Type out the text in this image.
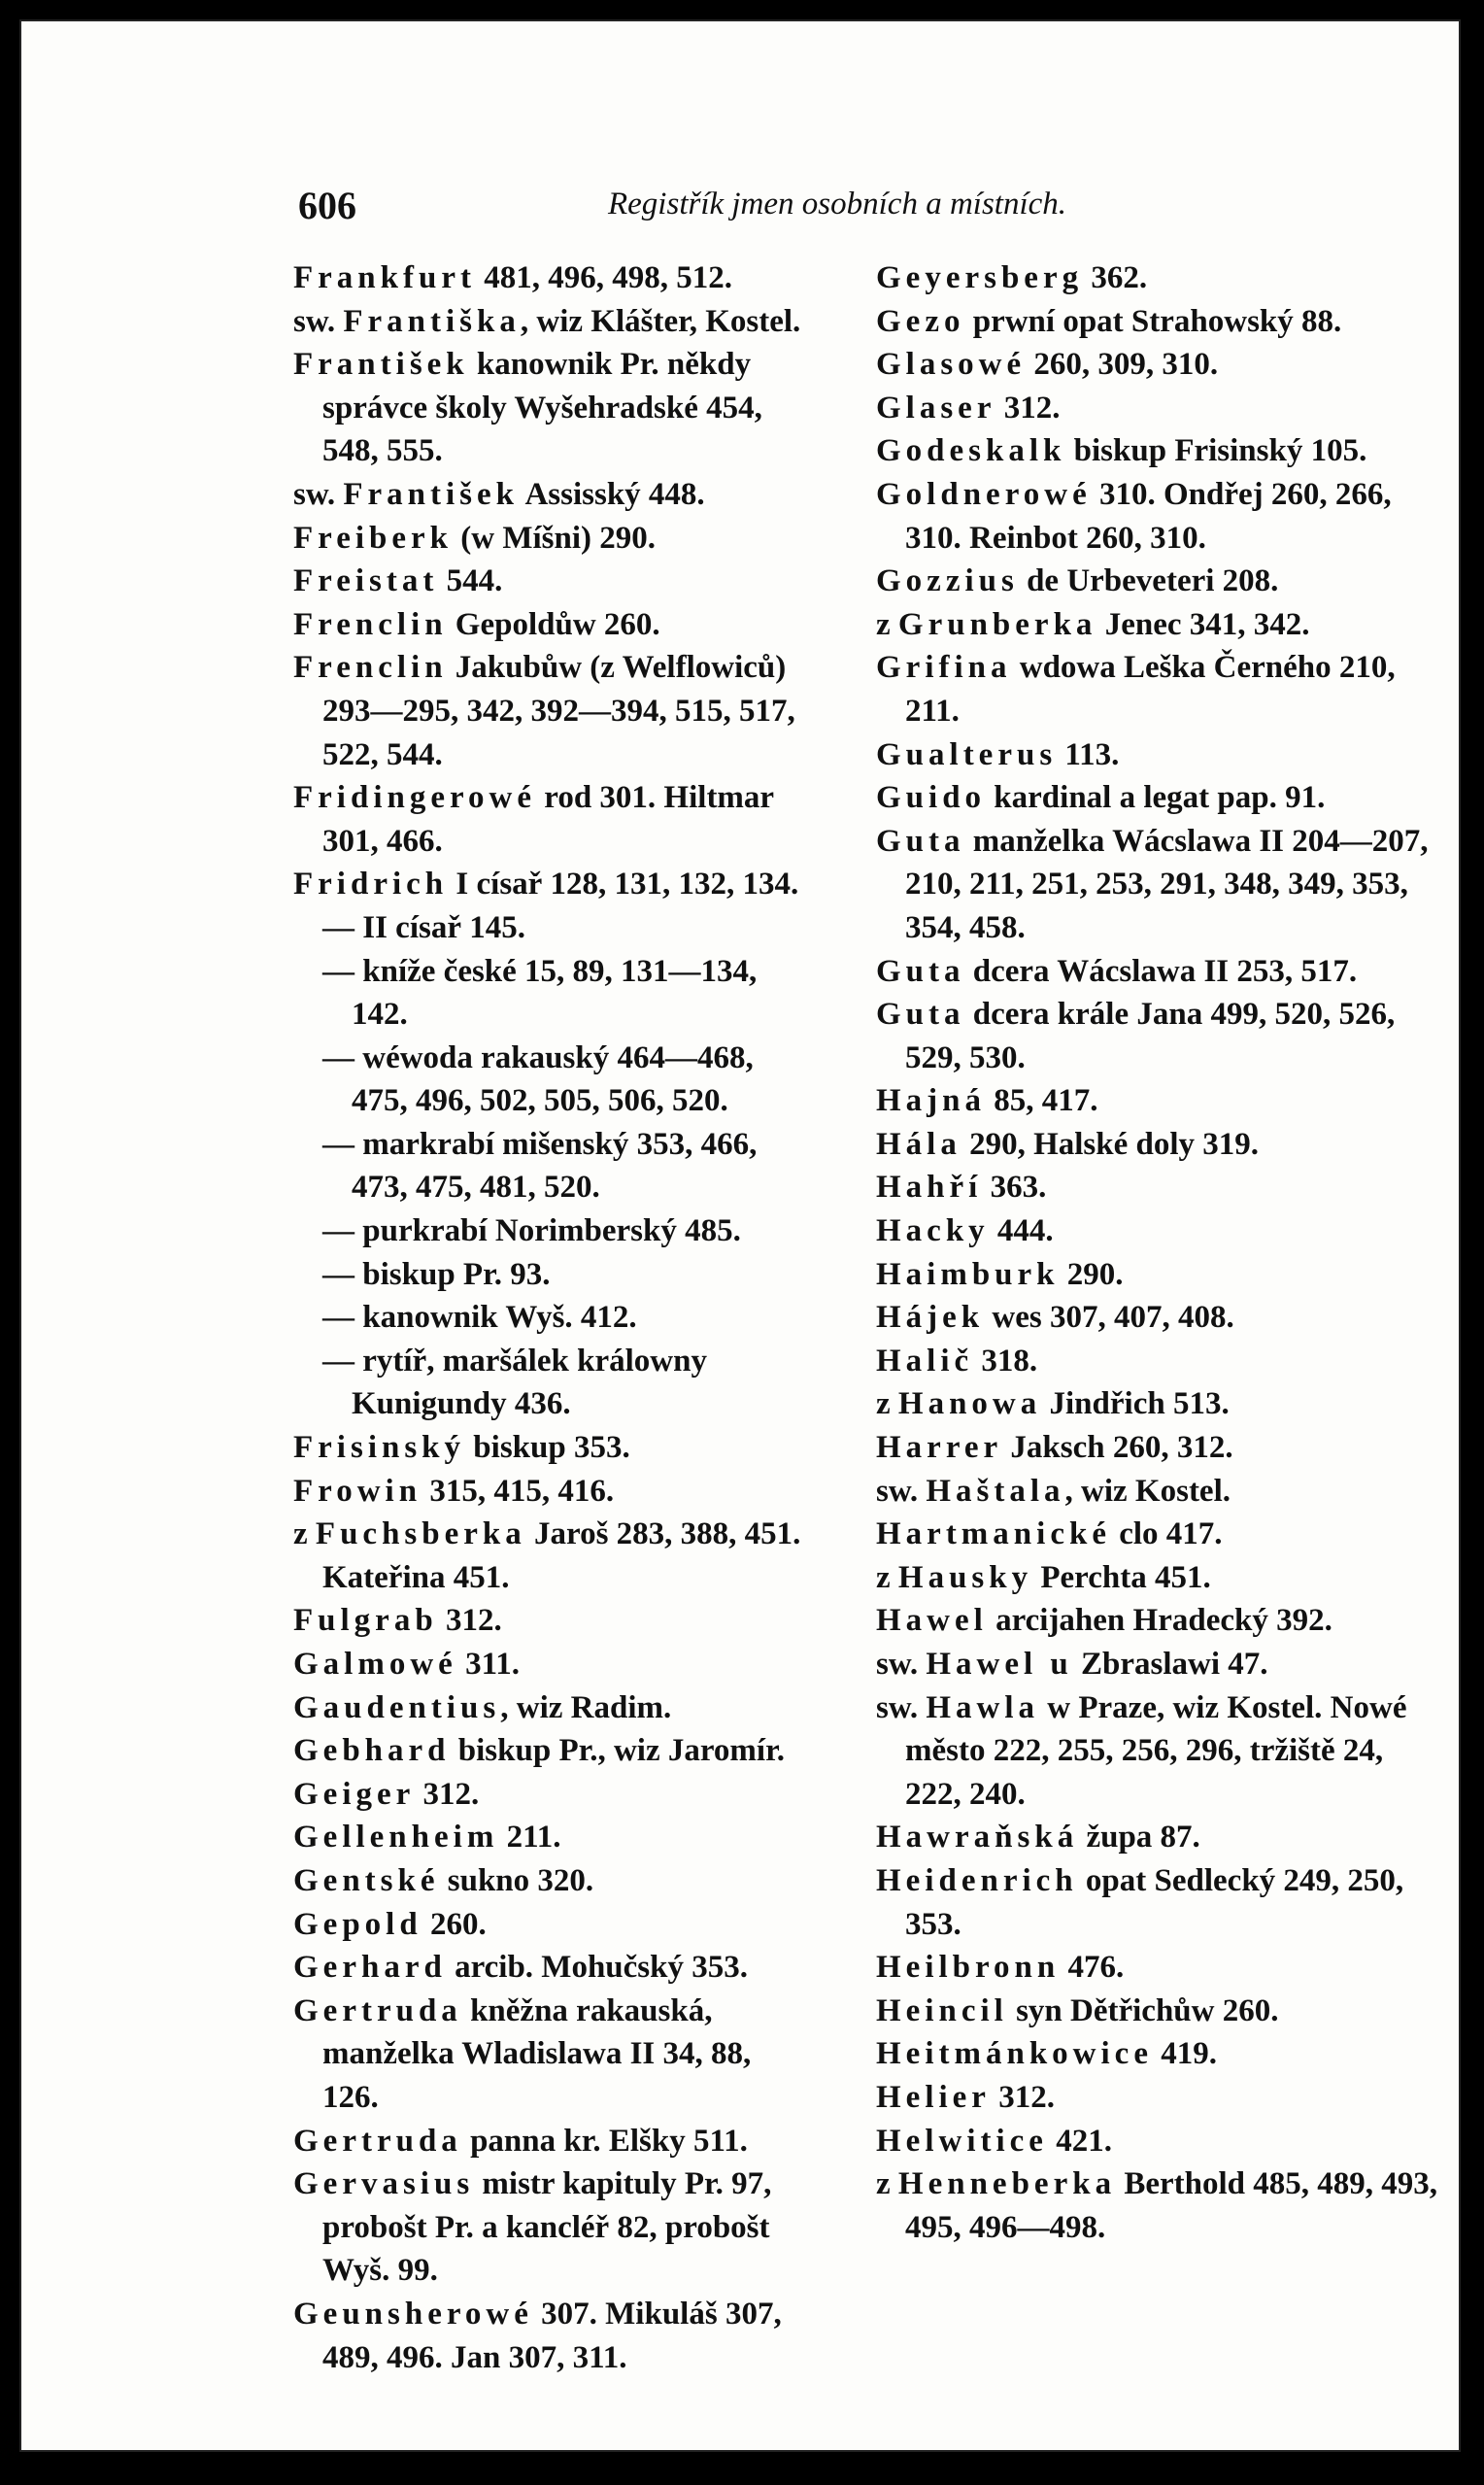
606	Registřík jmen osobních a místních.

Frankfurt 481, 496, 498, 512.

sw. Františka, wiz Klášter, Kostel.

František kanownik Pr. někdy správce školy Wyšehradské 454, 548, 555.

sw. František Assisský 448.

Freiberk (w Míšni) 290.

Freistat 544.

Frenclin Gepoldůw 260.

Frenclin Jakubůw (z Welflowiců) 293—295, 342, 392—394, 515, 517, 522, 544.

Fridingerowé rod 301. Hiltmar 301, 466.

Fridrich I císař 128, 131, 132, 134.

— II císař 145.

— kníže české 15, 89, 131—134, 142.

— wéwoda rakauský 464—468, 475, 496, 502, 505, 506, 520.

— markrabí mišenský 353, 466, 473, 475, 481, 520.

— purkrabí Norimberský 485.

— biskup Pr. 93.

— kanownik Wyš. 412.

— rytíř, maršálek králowny Kunigundy 436.

Frisinský biskup 353.

Frowin 315, 415, 416.

z Fuchsberka Jaroš 283, 388, 451. Kateřina 451.

Fulgrab 312.

Galmowé 311.

Gaudentius, wiz Radim.

Gebhard biskup Pr., wiz Jaromír.

Geiger 312.

Gellenheim 211.

Gentské sukno 320.

Gepold 260.

Gerhard arcib. Mohučský 353.

Gertruda kněžna rakauská, manželka Wladislawa II 34, 88, 126.

Gertruda panna kr. Elšky 511.

Gervasius mistr kapituly Pr. 97, probošt Pr. a kancléř 82, probošt Wyš. 99.

Geunsherowé 307. Mikuláš 307, 489, 496. Jan 307, 311.

Geyersberg 362.

Gezo prwní opat Strahowský 88.

Glasowé 260, 309, 310.

Glaser 312.

Godeskalk biskup Frisinský 105.

Goldnerowé 310. Ondřej 260, 266, 310. Reinbot 260, 310.

Gozzius de Urbeveteri 208.

z Grunberka Jenec 341, 342.

Grifina wdowa Leška Černého 210, 211.

Gualterus 113.

Guido kardinal a legat pap. 91.

Guta manželka Wácslawa II 204—207, 210, 211, 251, 253, 291, 348, 349, 353, 354, 458.

Guta dcera Wácslawa II 253, 517.

Guta dcera krále Jana 499, 520, 526, 529, 530.

Hajná 85, 417.

Hála 290, Halské doly 319.

Hahří 363.

Hacky 444.

Haimburk 290.

Hájek wes 307, 407, 408.

Halič 318.

z Hanowa Jindřich 513.

Harrer Jaksch 260, 312.

sw. Haštala, wiz Kostel.

Hartmanické clo 417.

z Hausky Perchta 451.

Hawel arcijahen Hradecký 392.

sw. Hawel u Zbraslawi 47.

sw. Hawla w Praze, wiz Kostel. Nowé město 222, 255, 256, 296, tržiště 24, 222, 240.

Hawraňská župa 87.

Heidenrich opat Sedlecký 249, 250, 353.

Heilbronn 476.

Heincil syn Dětřichůw 260.

Heitmánkowice 419.

Helier 312.

Helwitice 421.

z Henneberka Berthold 485, 489, 493, 495, 496—498.
